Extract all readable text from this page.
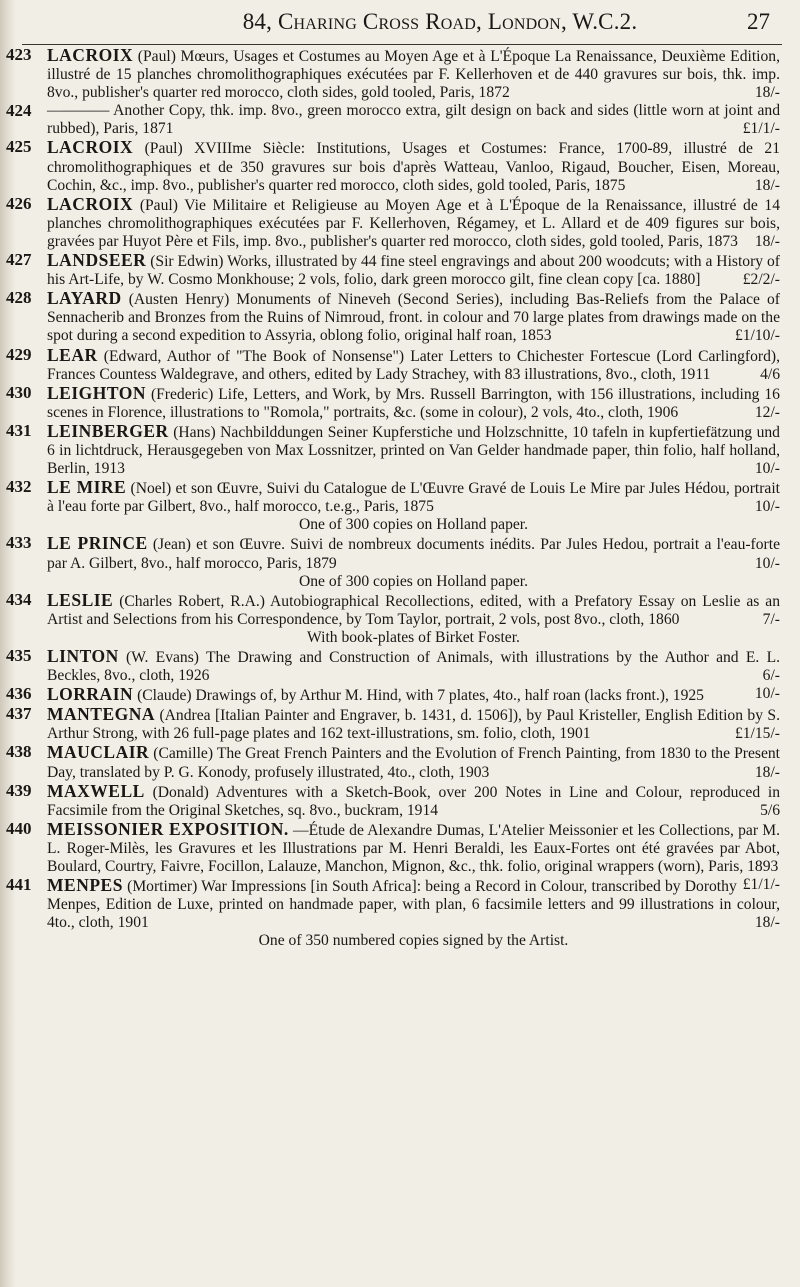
84, Charing Cross Road, London, W.C.2.	27
423 LACROIX (Paul) Mœurs, Usages et Costumes au Moyen Age et à L'Époque La Renaissance, Deuxième Edition, illustré de 15 planches chromolithographiques exécutées par F. Kellerhoven et de 440 gravures sur bois, thk. imp. 8vo., publisher's quarter red morocco, cloth sides, gold tooled, Paris, 1872	18/-
424 ———— Another Copy, thk. imp. 8vo., green morocco extra, gilt design on back and sides (little worn at joint and rubbed), Paris, 1871	£1/1/-
425 LACROIX (Paul) XVIIIme Siècle: Institutions, Usages et Costumes: France, 1700-89, illustré de 21 chromolithographiques et de 350 gravures sur bois d'après Watteau, Vanloo, Rigaud, Boucher, Eisen, Moreau, Cochin, &c., imp. 8vo., publisher's quarter red morocco, cloth sides, gold tooled, Paris, 1875	18/-
426 LACROIX (Paul) Vie Militaire et Religieuse au Moyen Age et à L'Époque de la Renaissance, illustré de 14 planches chromolithographiques exécutées par F. Kellerhoven, Régamey, et L. Allard et de 409 figures sur bois, gravées par Huyot Père et Fils, imp. 8vo., publisher's quarter red morocco, cloth sides, gold tooled, Paris, 1873	18/-
427 LANDSEER (Sir Edwin) Works, illustrated by 44 fine steel engravings and about 200 woodcuts; with a History of his Art-Life, by W. Cosmo Monkhouse; 2 vols, folio, dark green morocco gilt, fine clean copy [ca. 1880]	£2/2/-
428 LAYARD (Austen Henry) Monuments of Nineveh (Second Series), including Bas-Reliefs from the Palace of Sennacherib and Bronzes from the Ruins of Nimroud, front. in colour and 70 large plates from drawings made on the spot during a second expedition to Assyria, oblong folio, original half roan, 1853	£1/10/-
429 LEAR (Edward, Author of "The Book of Nonsense") Later Letters to Chichester Fortescue (Lord Carlingford), Frances Countess Waldegrave, and others, edited by Lady Strachey, with 83 illustrations, 8vo., cloth, 1911	4/6
430 LEIGHTON (Frederic) Life, Letters, and Work, by Mrs. Russell Barrington, with 156 illustrations, including 16 scenes in Florence, illustrations to "Romola," portraits, &c. (some in colour), 2 vols, 4to., cloth, 1906	12/-
431 LEINBERGER (Hans) Nachbilddungen Seiner Kupferstiche und Holzschnitte, 10 tafeln in kupfertiefätzung und 6 in lichtdruck, Herausgegeben von Max Lossnitzer, printed on Van Gelder handmade paper, thin folio, half holland, Berlin, 1913	10/-
432 LE MIRE (Noel) et son Œuvre, Suivi du Catalogue de L'Œuvre Gravé de Louis Le Mire par Jules Hédou, portrait à l'eau forte par Gilbert, 8vo., half morocco, t.e.g., Paris, 1875	10/-
One of 300 copies on Holland paper.
433 LE PRINCE (Jean) et son Œuvre. Suivi de nombreux documents inédits. Par Jules Hedou, portrait a l'eau-forte par A. Gilbert, 8vo., half morocco, Paris, 1879	10/-
One of 300 copies on Holland paper.
434 LESLIE (Charles Robert, R.A.) Autobiographical Recollections, edited, with a Prefatory Essay on Leslie as an Artist and Selections from his Correspondence, by Tom Taylor, portrait, 2 vols, post 8vo., cloth, 1860	7/-
With book-plates of Birket Foster.
435 LINTON (W. Evans) The Drawing and Construction of Animals, with illustrations by the Author and E. L. Beckles, 8vo., cloth, 1926	6/-
436 LORRAIN (Claude) Drawings of, by Arthur M. Hind, with 7 plates, 4to., half roan (lacks front.), 1925	10/-
437 MANTEGNA (Andrea [Italian Painter and Engraver, b. 1431, d. 1506]), by Paul Kristeller, English Edition by S. Arthur Strong, with 26 full-page plates and 162 text-illustrations, sm. folio, cloth, 1901	£1/15/-
438 MAUCLAIR (Camille) The Great French Painters and the Evolution of French Painting, from 1830 to the Present Day, translated by P. G. Konody, profusely illustrated, 4to., cloth, 1903	18/-
439 MAXWELL (Donald) Adventures with a Sketch-Book, over 200 Notes in Line and Colour, reproduced in Facsimile from the Original Sketches, sq. 8vo., buckram, 1914	5/6
440 MEISSONIER EXPOSITION. —Étude de Alexandre Dumas, L'Atelier Meissonier et les Collections, par M. L. Roger-Milès, les Gravures et les Illustrations par M. Henri Beraldi, les Eaux-Fortes ont été gravées par Abot, Boulard, Courtry, Faivre, Focillon, Lalauze, Manchon, Mignon, &c., thk. folio, original wrappers (worn), Paris, 1893
£1/1/-
441 MENPES (Mortimer) War Impressions [in South Africa]: being a Record in Colour, transcribed by Dorothy Menpes, Edition de Luxe, printed on handmade paper, with plan, 6 facsimile letters and 99 illustrations in colour, 4to., cloth, 1901	18/-
One of 350 numbered copies signed by the Artist.
